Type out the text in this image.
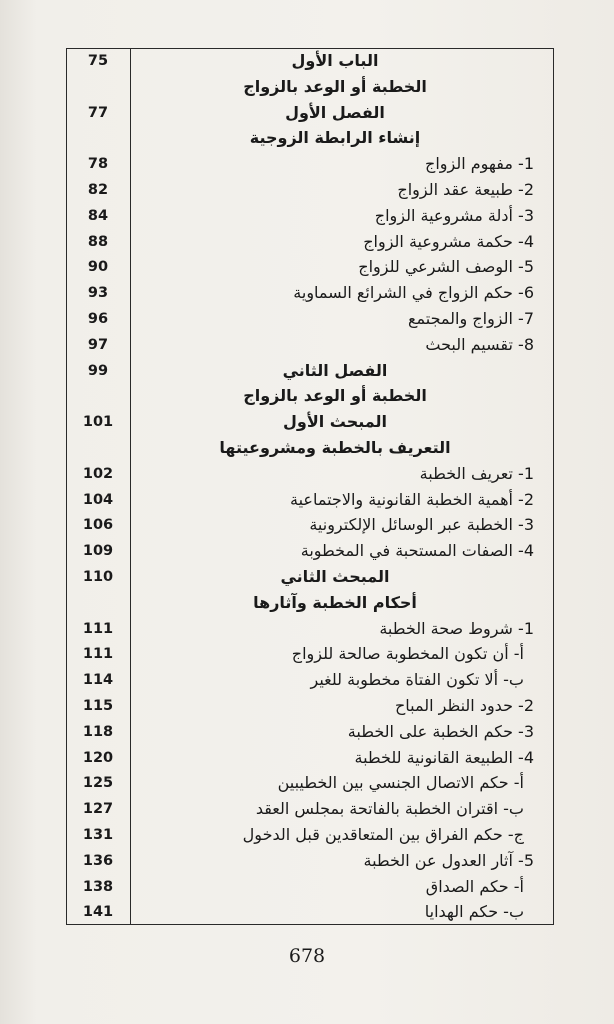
75	الباب الأول
الخطبة أو الوعد بالزواج
77	الفصل الأول
إنشاء الرابطة الزوجية
78	1- مفهوم الزواج
82	2- طبيعة عقد الزواج
84	3- أدلة مشروعية الزواج
88	4- حكمة مشروعية الزواج
90	5- الوصف الشرعي للزواج
93	6- حكم الزواج في الشرائع السماوية
96	7- الزواج والمجتمع
97	8- تقسيم البحث
99	الفصل الثاني
الخطبة أو الوعد بالزواج
101	المبحث الأول
التعريف بالخطبة ومشروعيتها
102	1- تعريف الخطبة
104	2- أهمية الخطبة القانونية والاجتماعية
106	3- الخطبة عبر الوسائل الإلكترونية
109	4- الصفات المستحبة في المخطوبة
110	المبحث الثاني
أحكام الخطبة وآثارها
111	1- شروط صحة الخطبة
111	أ- أن تكون المخطوبة صالحة للزواج
114	ب- ألا تكون الفتاة مخطوبة للغير
115	2- حدود النظر المباح
118	3- حكم الخطبة على الخطبة
120	4- الطبيعة القانونية للخطبة
125	أ- حكم الاتصال الجنسي بين الخطيبين
127	ب- اقتران الخطبة بالفاتحة بمجلس العقد
131	ج- حكم الفراق بين المتعاقدين قبل الدخول
136	5- آثار العدول عن الخطبة
138	أ- حكم الصداق
141	ب- حكم الهدايا
678
